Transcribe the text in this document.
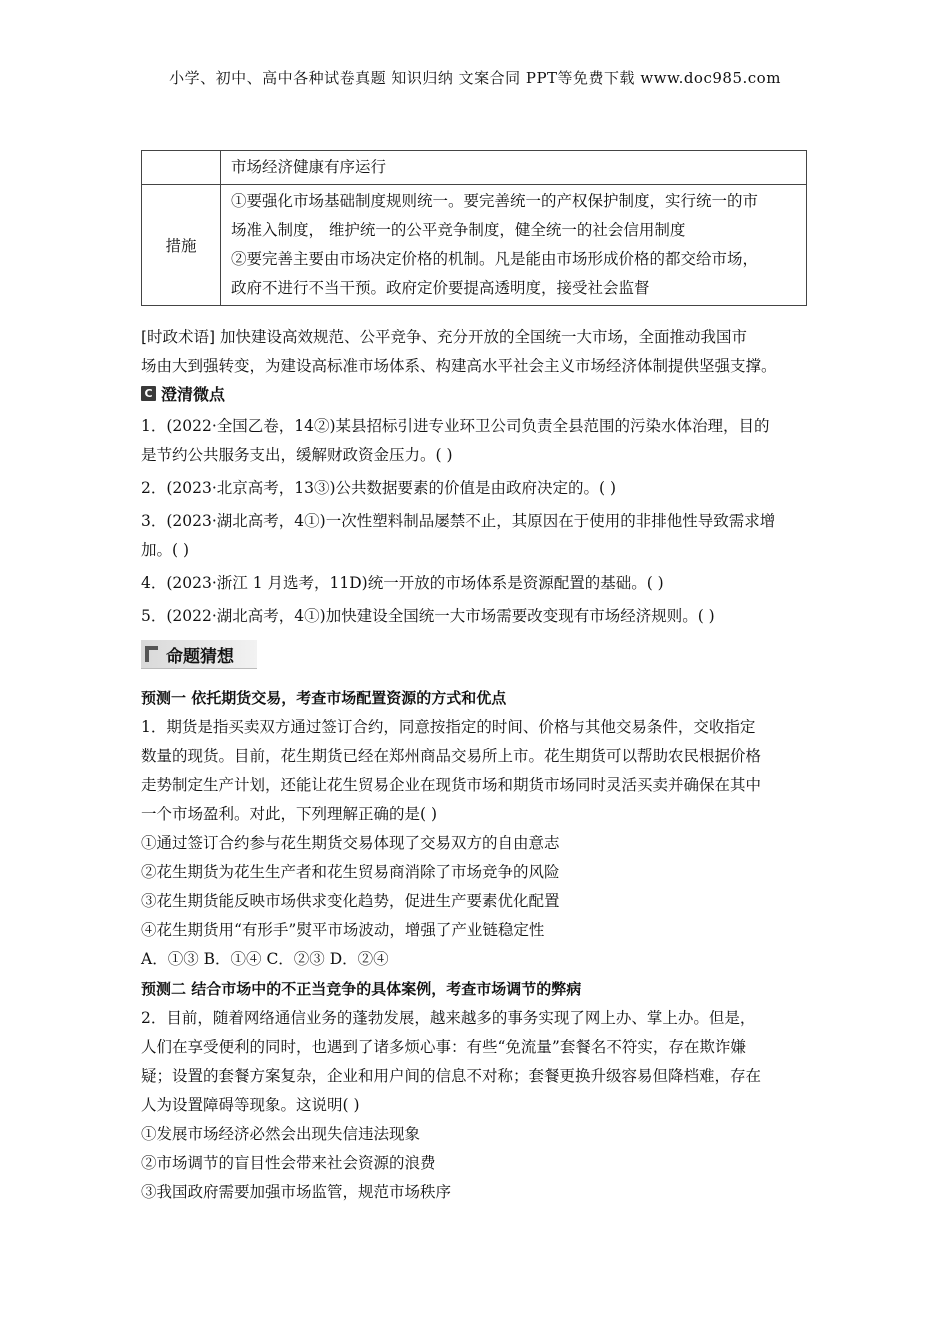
小学、初中、高中各种试卷真题 知识归纳 文案合同 PPT等免费下载 www.doc985.com
	市场经济健康有序运行
措施	①要强化市场基础制度规则统一。要完善统一的产权保护制度，实行统一的市

场准入制度， 维护统一的公平竞争制度，健全统一的社会信用制度

②要完善主要由市场决定价格的机制。凡是能由市场形成价格的都交给市场，

政府不进行不当干预。政府定价要提高透明度，接受社会监督

[时政术语] 加快建设高效规范、公平竞争、充分开放的全国统一大市场，全面推动我国市

场由大到强转变，为建设高标准市场体系、构建高水平社会主义市场经济体制提供坚强支撑。

C 澄清微点

1．(2022·全国乙卷，14②)某县招标引进专业环卫公司负责全县范围的污染水体治理，目的

是节约公共服务支出，缓解财政资金压力。( )

2．(2023·北京高考，13③)公共数据要素的价值是由政府决定的。( )

3．(2023·湖北高考，4①)一次性塑料制品屡禁不止，其原因在于使用的非排他性导致需求增

加。( )

4．(2023·浙江 1 月选考，11D)统一开放的市场体系是资源配置的基础。( )

5．(2022·湖北高考，4①)加快建设全国统一大市场需要改变现有市场经济规则。( )

命题猜想

预测一 依托期货交易，考查市场配置资源的方式和优点

1．期货是指买卖双方通过签订合约，同意按指定的时间、价格与其他交易条件，交收指定

数量的现货。目前，花生期货已经在郑州商品交易所上市。花生期货可以帮助农民根据价格

走势制定生产计划，还能让花生贸易企业在现货市场和期货市场同时灵活买卖并确保在其中

一个市场盈利。对此，下列理解正确的是( )

①通过签订合约参与花生期货交易体现了交易双方的自由意志

②花生期货为花生生产者和花生贸易商消除了市场竞争的风险

③花生期货能反映市场供求变化趋势，促进生产要素优化配置

④花生期货用“有形手”熨平市场波动，增强了产业链稳定性

A．①③ B．①④ C．②③ D．②④

预测二 结合市场中的不正当竞争的具体案例，考查市场调节的弊病

2．目前，随着网络通信业务的蓬勃发展，越来越多的事务实现了网上办、掌上办。但是，

人们在享受便利的同时，也遇到了诸多烦心事：有些“免流量”套餐名不符实，存在欺诈嫌

疑；设置的套餐方案复杂，企业和用户间的信息不对称；套餐更换升级容易但降档难，存在

人为设置障碍等现象。这说明( )

①发展市场经济必然会出现失信违法现象

②市场调节的盲目性会带来社会资源的浪费

③我国政府需要加强市场监管，规范市场秩序
